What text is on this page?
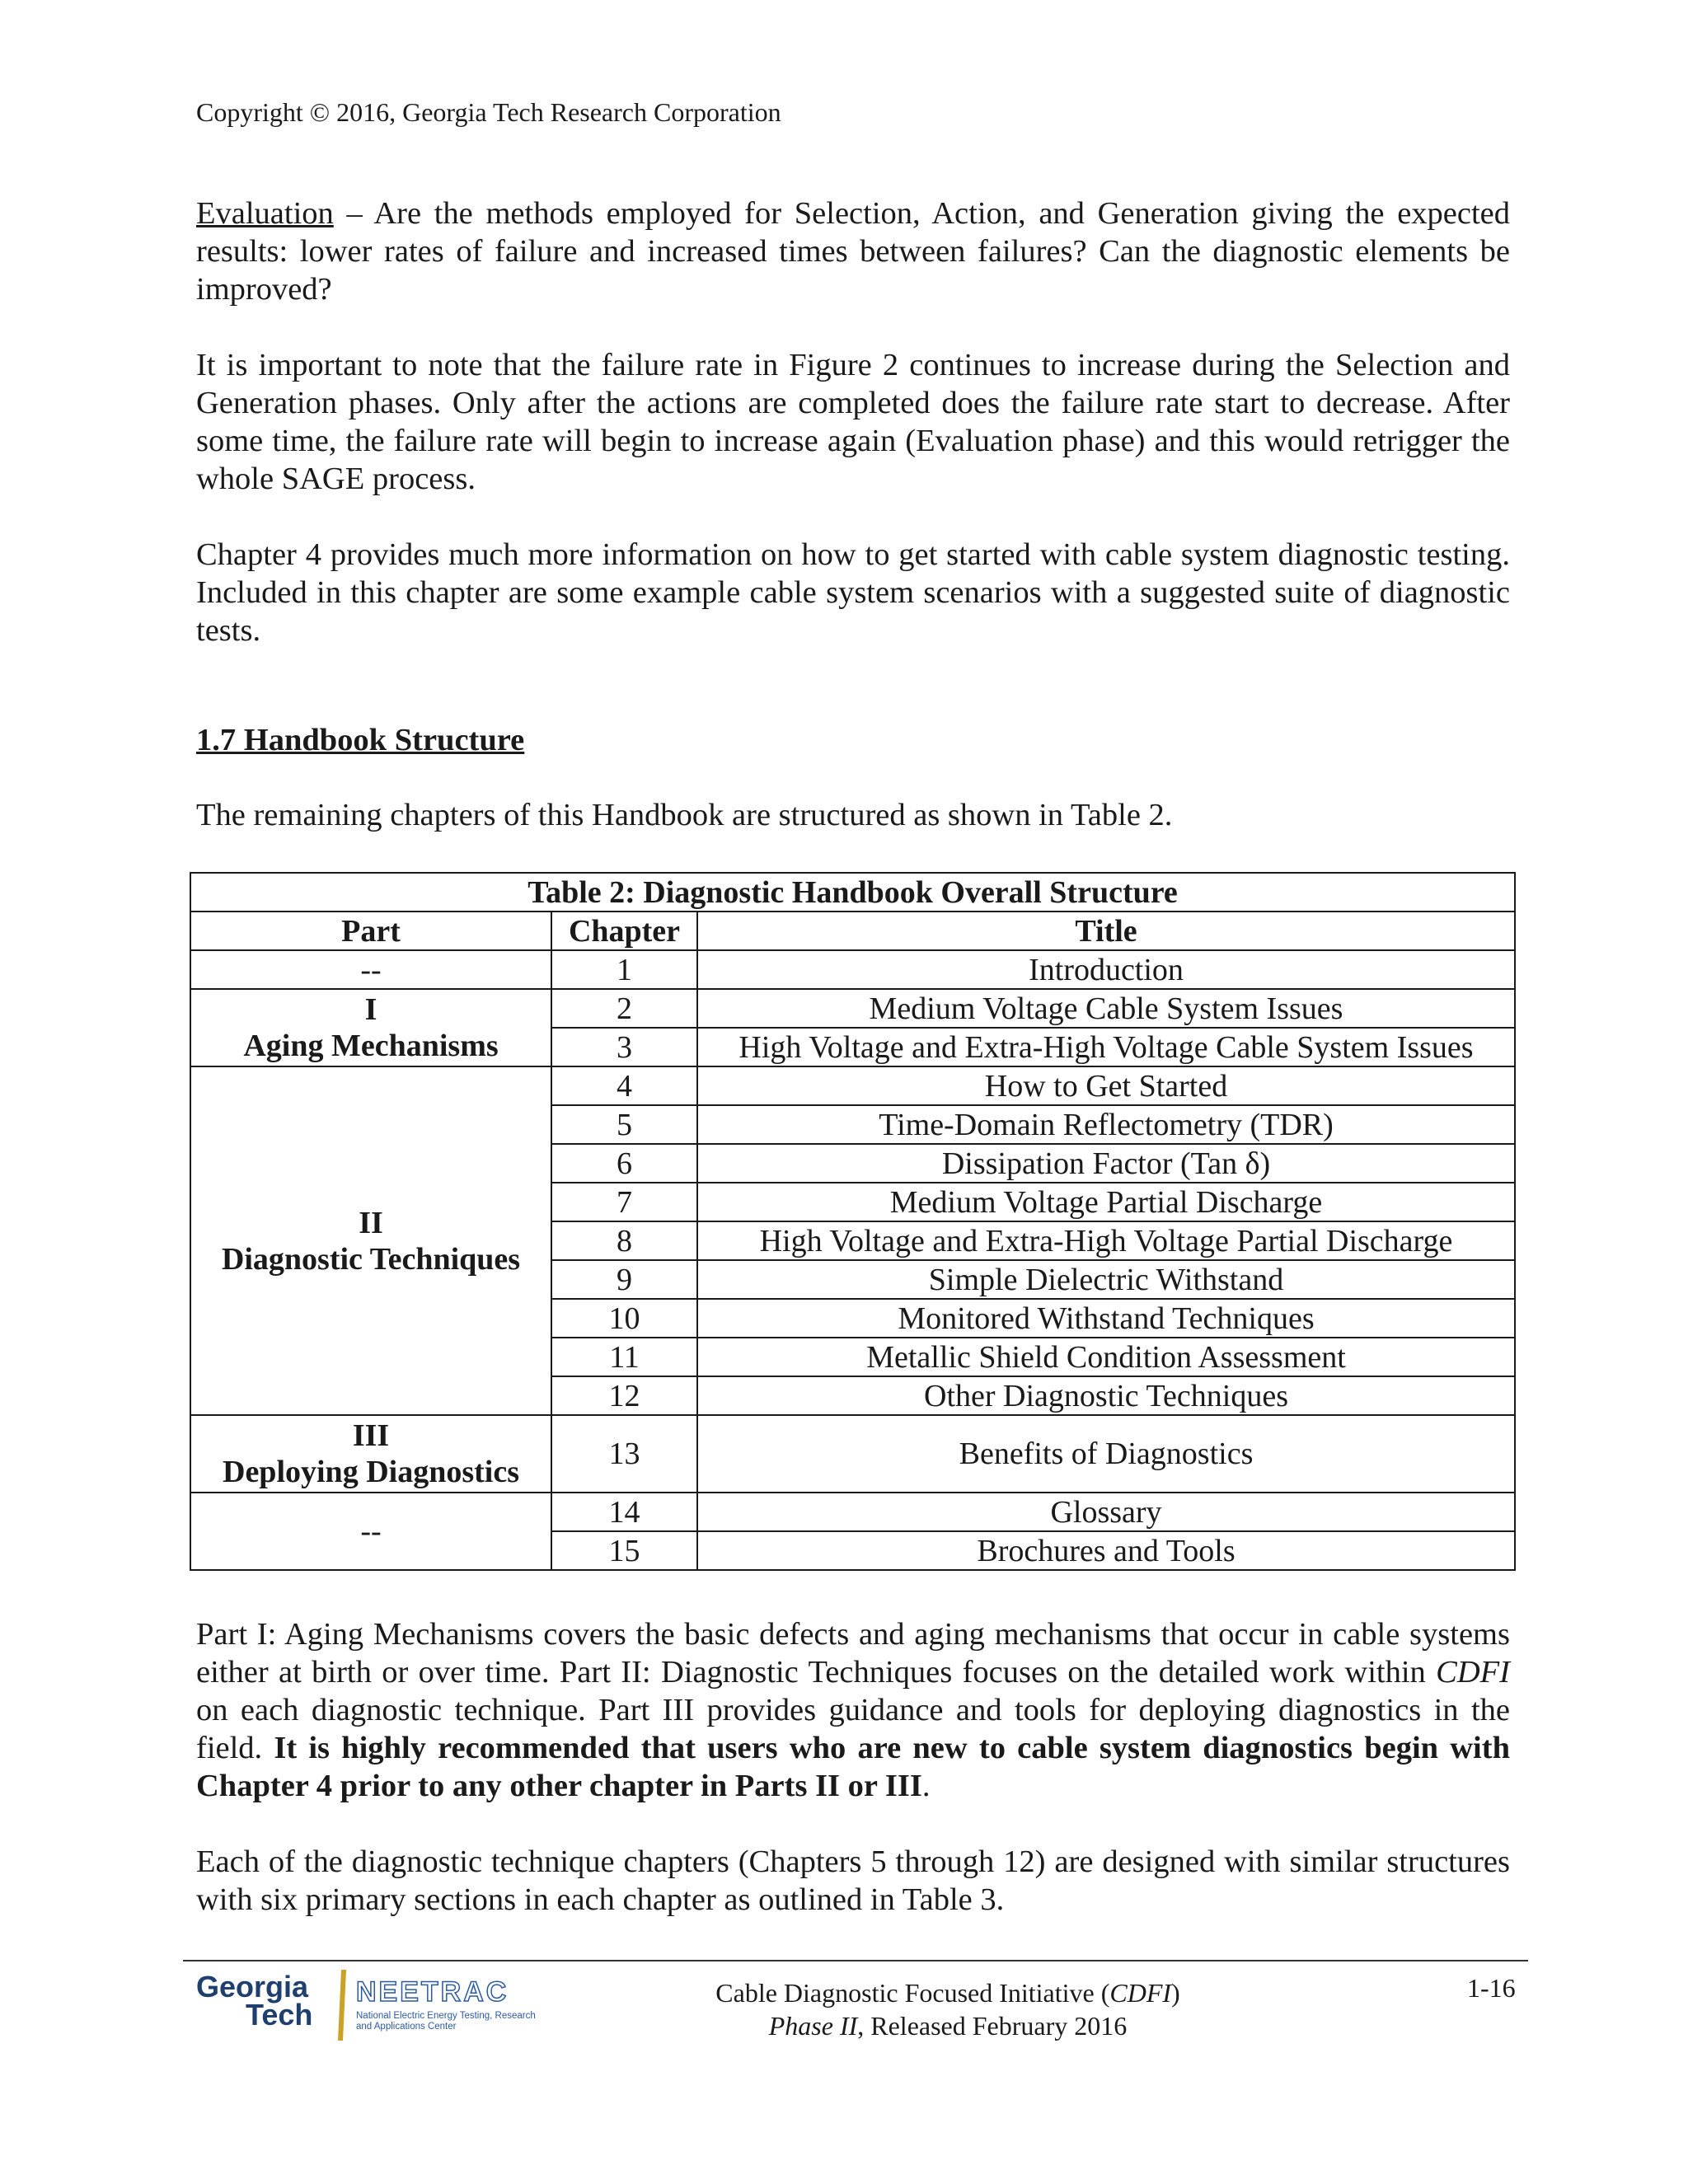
Copyright © 2016, Georgia Tech Research Corporation

Evaluation – Are the methods employed for Selection, Action, and Generation giving the expected results: lower rates of failure and increased times between failures? Can the diagnostic elements be improved?

It is important to note that the failure rate in Figure 2 continues to increase during the Selection and Generation phases. Only after the actions are completed does the failure rate start to decrease. After some time, the failure rate will begin to increase again (Evaluation phase) and this would retrigger the whole SAGE process.

Chapter 4 provides much more information on how to get started with cable system diagnostic testing. Included in this chapter are some example cable system scenarios with a suggested suite of diagnostic tests.

1.7 Handbook Structure

The remaining chapters of this Handbook are structured as shown in Table 2.

Table 2: Diagnostic Handbook Overall Structure		
Part	Chapter	Title
--	1	Introduction

I
Aging Mechanisms	2	Medium Voltage Cable System Issues
	3	High Voltage and Extra-High Voltage Cable System Issues

II
Diagnostic Techniques	4	How to Get Started
	5	Time-Domain Reflectometry (TDR)
	6	Dissipation Factor (Tan δ)
	7	Medium Voltage Partial Discharge
	8	High Voltage and Extra-High Voltage Partial Discharge
	9	Simple Dielectric Withstand
	10	Monitored Withstand Techniques
	11	Metallic Shield Condition Assessment
	12	Other Diagnostic Techniques

III
Deploying Diagnostics	13	Benefits of Diagnostics
--	14	Glossary
	15	Brochures and Tools

Part I: Aging Mechanisms covers the basic defects and aging mechanisms that occur in cable systems either at birth or over time. Part II: Diagnostic Techniques focuses on the detailed work within CDFI on each diagnostic technique. Part III provides guidance and tools for deploying diagnostics in the field. It is highly recommended that users who are new to cable system diagnostics begin with Chapter 4 prior to any other chapter in Parts II or III.

Each of the diagnostic technique chapters (Chapters 5 through 12) are designed with similar structures with six primary sections in each chapter as outlined in Table 3.

Georgia
Tech
NEETRAC
National Electric Energy Testing, Research
and Applications Center
Cable Diagnostic Focused Initiative (CDFI)
Phase II, Released February 2016
1-16
